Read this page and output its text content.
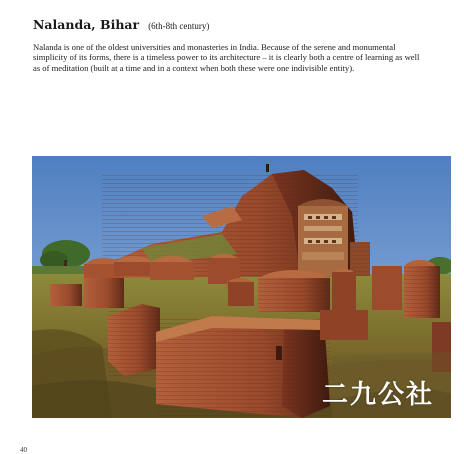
Nalanda, Bihar (6th-8th century)

Nalanda is one of the oldest universities and monasteries in India. Because of the serene and monumental simplicity of its forms, there is a timeless power to its architecture – it is clearly both a centre of learning as well as of meditation (built at a time and in a context when both these were one indivisible entity).

二九公社
40
